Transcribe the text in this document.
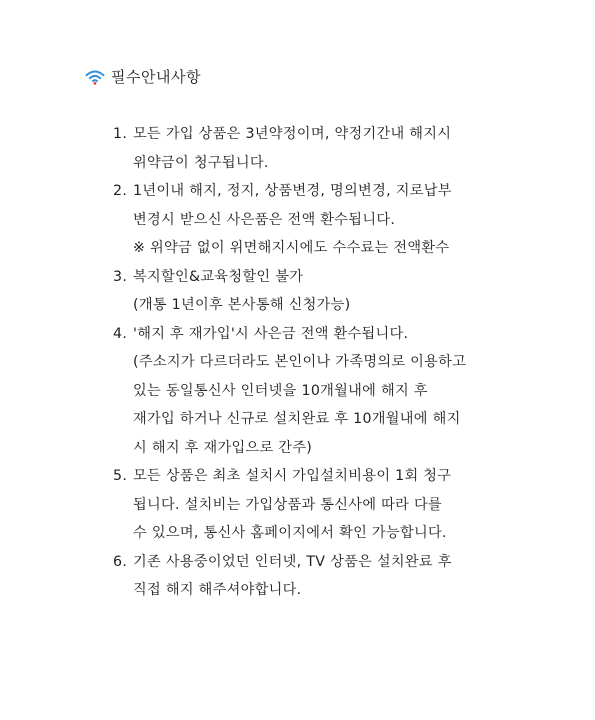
필수안내사항
1. 모든 가입 상품은 3년약정이며, 약정기간내 해지시
위약금이 청구됩니다.
2. 1년이내 해지, 정지, 상품변경, 명의변경, 지로납부
변경시 받으신 사은품은 전액 환수됩니다.
※ 위약금 없이 위면해지시에도 수수료는 전액환수
3. 복지할인&교육청할인 불가
(개통 1년이후 본사통해 신청가능)
4. '해지 후 재가입'시 사은금 전액 환수됩니다.
(주소지가 다르더라도 본인이나 가족명의로 이용하고
있는 동일통신사 인터넷을 10개월내에 해지 후
재가입 하거나 신규로 설치완료 후 10개월내에 해지
시 해지 후 재가입으로 간주)
5. 모든 상품은 최초 설치시 가입설치비용이 1회 청구
됩니다. 설치비는 가입상품과 통신사에 따라 다를
수 있으며, 통신사 홈페이지에서 확인 가능합니다.
6. 기존 사용중이었던 인터넷, TV 상품은 설치완료 후
직접 해지 해주셔야합니다.
